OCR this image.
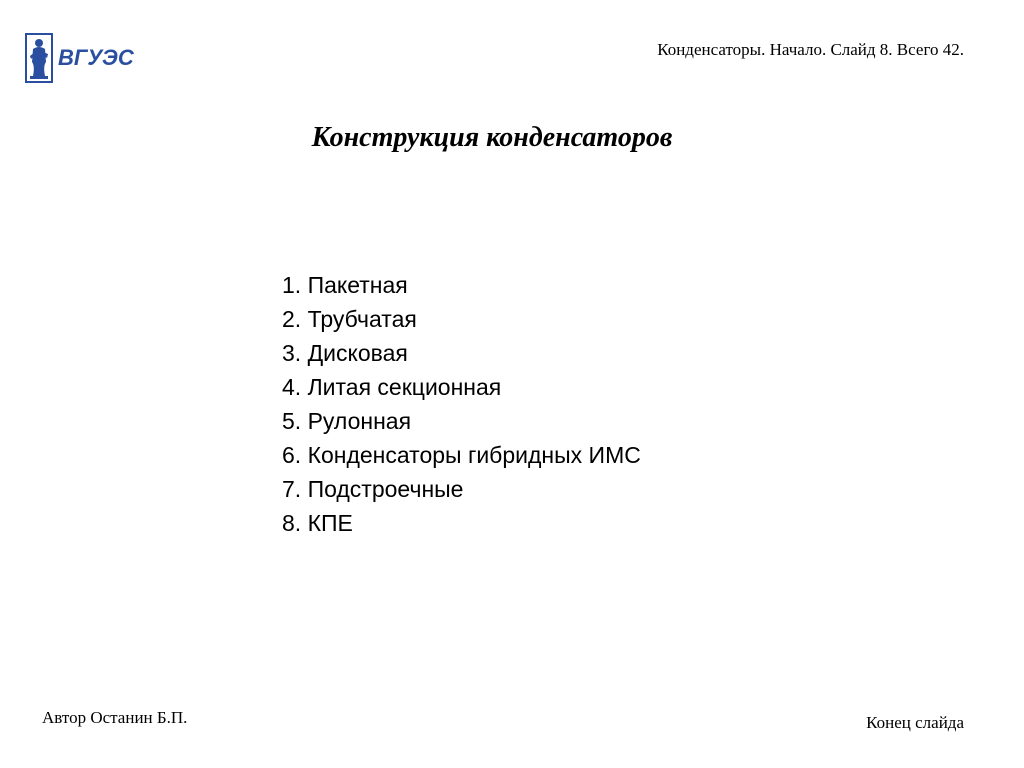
ВГУЭС	Конденсаторы. Начало. Слайд 8. Всего 42.
Конструкция конденсаторов
1. Пакетная
2. Трубчатая
3. Дисковая
4. Литая секционная
5. Рулонная
6. Конденсаторы гибридных ИМС
7. Подстроечные
8. КПЕ
Автор Останин Б.П.	Конец слайда
